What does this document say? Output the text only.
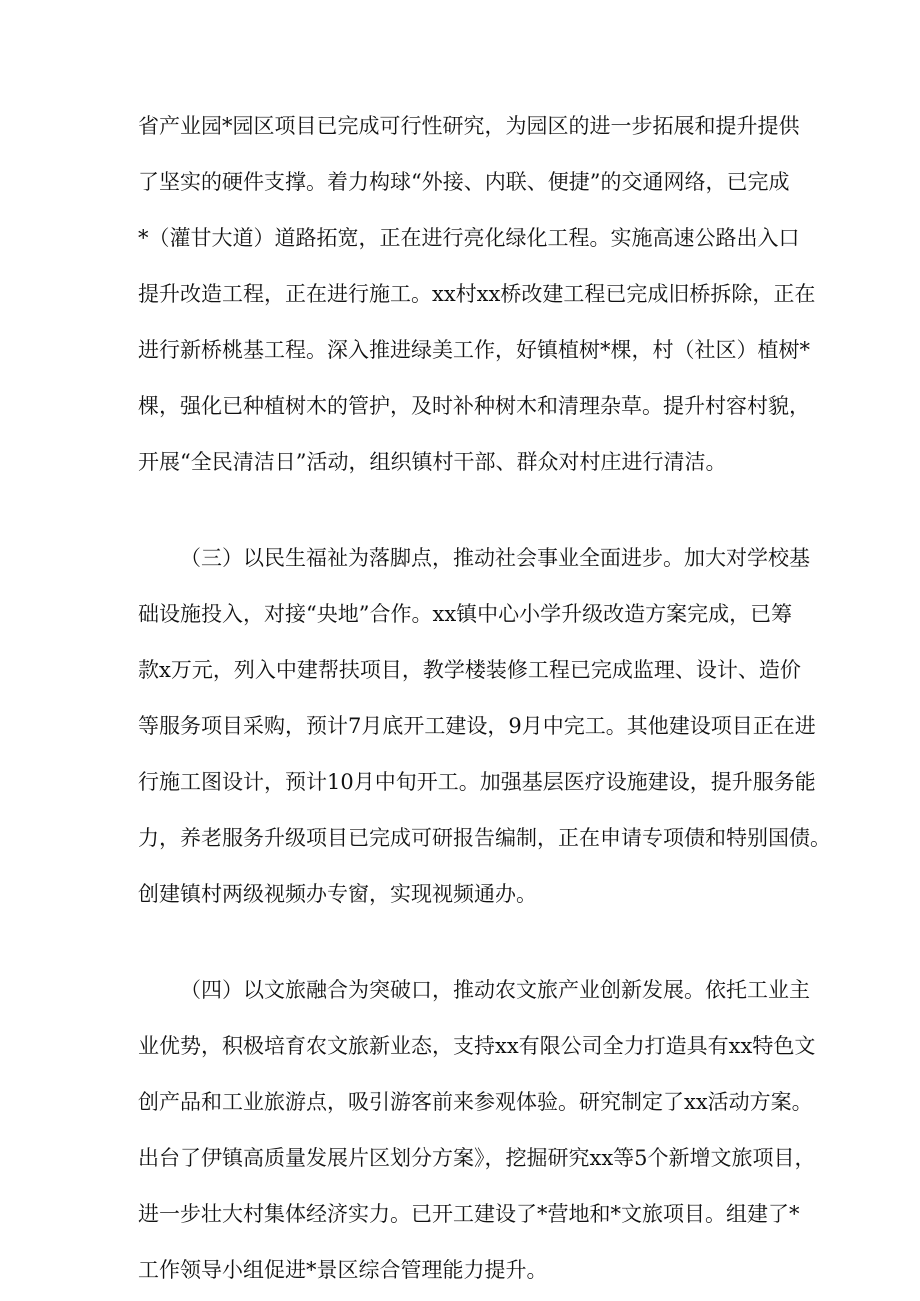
省产业园*园区项目已完成可行性研究，为园区的进一步拓展和提升提供
了坚实的硬件支撑。着力构球“外接、内联、便捷”的交通网络，已完成
*（灌甘大道）道路拓宽，正在进行亮化绿化工程。实施高速公路出入口
提升改造工程，正在进行施工。xx村xx桥改建工程已完成旧桥拆除，正在
进行新桥桃基工程。深入推进绿美工作，好镇植树*棵，村（社区）植树*
棵，强化已种植树木的管护，及时补种树木和清理杂草。提升村容村貌，
开展“全民清洁日”活动，组织镇村干部、群众对村庄进行清洁。
（三）以民生福祉为落脚点，推动社会事业全面进步。加大对学校基
础设施投入，对接“央地”合作。xx镇中心小学升级改造方案完成，已筹
款x万元，列入中建帮扶项目，教学楼装修工程已完成监理、设计、造价
等服务项目采购，预计7月底开工建设，9月中完工。其他建设项目正在进
行施工图设计，预计10月中旬开工。加强基层医疗设施建设，提升服务能
力，养老服务升级项目已完成可研报告编制，正在申请专项债和特别国债。
创建镇村两级视频办专窗，实现视频通办。
（四）以文旅融合为突破口，推动农文旅产业创新发展。依托工业主
业优势，积极培育农文旅新业态，支持xx有限公司全力打造具有xx特色文
创产品和工业旅游点，吸引游客前来参观体验。研究制定了xx活动方案。
出台了伊镇高质量发展片区划分方案》，挖掘研究xx等5个新增文旅项目，
进一步壮大村集体经济实力。已开工建设了*营地和*文旅项目。组建了*
工作领导小组促进*景区综合管理能力提升。
